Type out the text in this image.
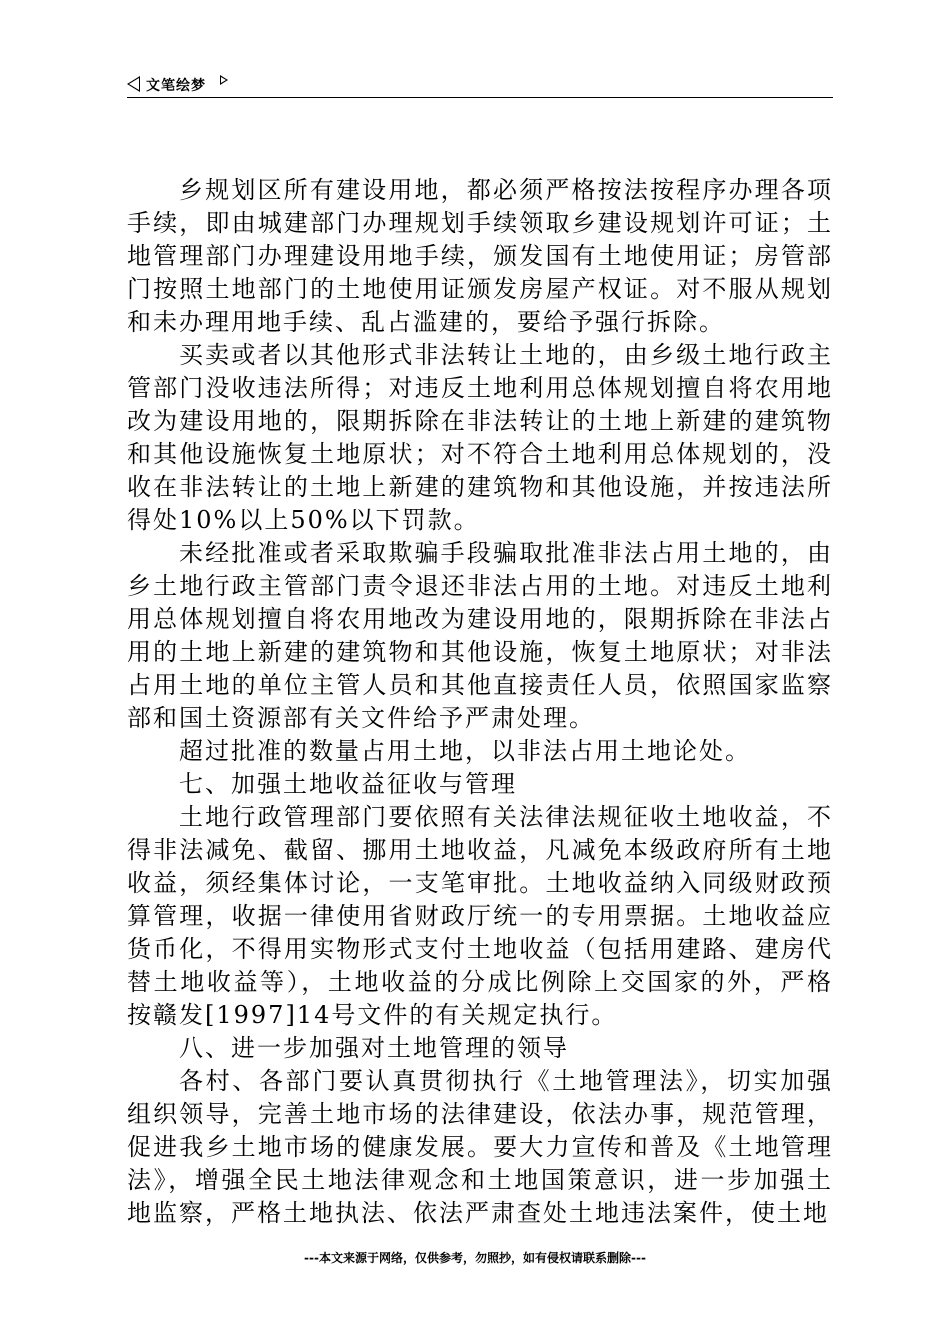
文笔绘梦

乡规划区所有建设用地，都必须严格按法按程序办理各项手续，即由城建部门办理规划手续领取乡建设规划许可证；土地管理部门办理建设用地手续，颁发国有土地使用证；房管部门按照土地部门的土地使用证颁发房屋产权证。对不服从规划和未办理用地手续、乱占滥建的，要给予强行拆除。

买卖或者以其他形式非法转让土地的，由乡级土地行政主管部门没收违法所得；对违反土地利用总体规划擅自将农用地改为建设用地的，限期拆除在非法转让的土地上新建的建筑物和其他设施恢复土地原状；对不符合土地利用总体规划的，没收在非法转让的土地上新建的建筑物和其他设施，并按违法所得处10%以上50%以下罚款。

未经批准或者采取欺骗手段骗取批准非法占用土地的，由乡土地行政主管部门责令退还非法占用的土地。对违反土地利用总体规划擅自将农用地改为建设用地的，限期拆除在非法占用的土地上新建的建筑物和其他设施，恢复土地原状；对非法占用土地的单位主管人员和其他直接责任人员，依照国家监察部和国土资源部有关文件给予严肃处理。

超过批准的数量占用土地，以非法占用土地论处。

七、加强土地收益征收与管理

土地行政管理部门要依照有关法律法规征收土地收益，不得非法减免、截留、挪用土地收益，凡减免本级政府所有土地收益，须经集体讨论，一支笔审批。土地收益纳入同级财政预算管理，收据一律使用省财政厅统一的专用票据。土地收益应货币化，不得用实物形式支付土地收益（包括用建路、建房代替土地收益等），土地收益的分成比例除上交国家的外，严格按赣发[1997]14号文件的有关规定执行。

八、进一步加强对土地管理的领导

各村、各部门要认真贯彻执行《土地管理法》，切实加强组织领导，完善土地市场的法律建设，依法办事，规范管理，促进我乡土地市场的健康发展。要大力宣传和普及《土地管理法》，增强全民土地法律观念和土地国策意识，进一步加强土地监察，严格土地执法、依法严肃查处土地违法案件，使土地

---本文来源于网络，仅供参考，勿照抄，如有侵权请联系删除---
